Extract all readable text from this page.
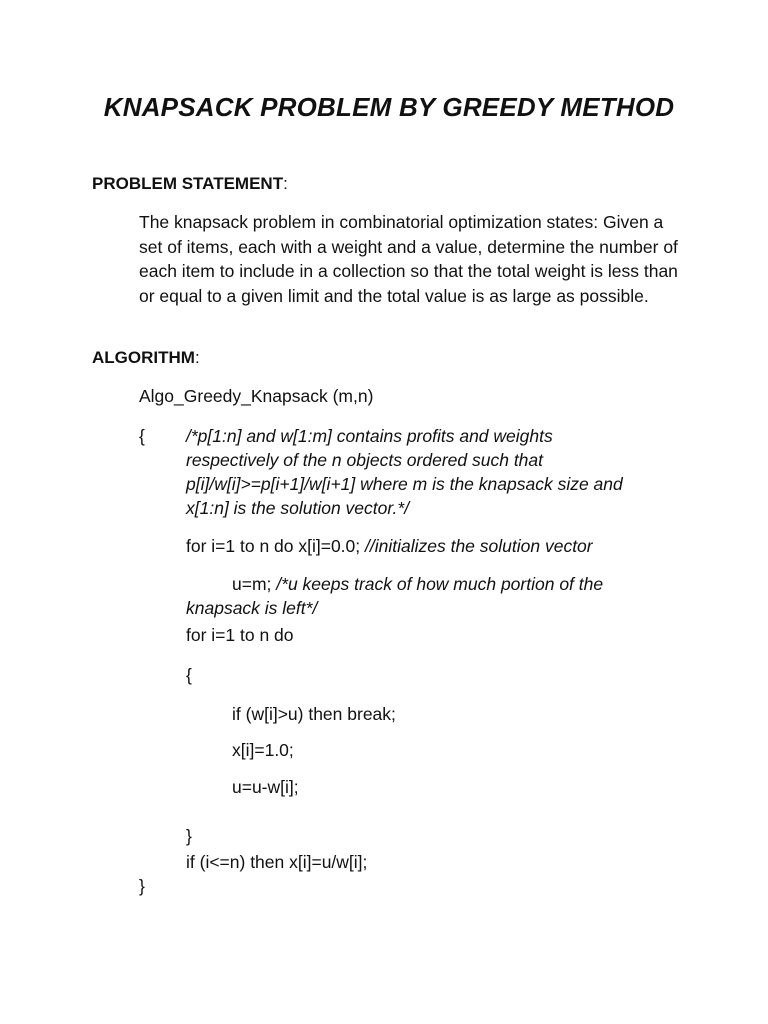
KNAPSACK PROBLEM BY GREEDY METHOD
PROBLEM STATEMENT:
The knapsack problem in combinatorial optimization states: Given a set of items, each with a weight and a value, determine the number of each item to include in a collection so that the total weight is less than or equal to a given limit and the total value is as large as possible.
ALGORITHM:
Algo_Greedy_Knapsack (m,n)
{ /*p[1:n] and w[1:m] contains profits and weights
respectively of the n objects ordered such that
p[i]/w[i]>=p[i+1]/w[i+1] where m is the knapsack size and
x[1:n] is the solution vector.*/
for i=1 to n do x[i]=0.0; //initializes the solution vector
u=m; /*u keeps track of how much portion of the
knapsack is left*/
for i=1 to n do
{
if (w[i]>u) then break;
x[i]=1.0;
u=u-w[i];
}
if (i<=n) then x[i]=u/w[i];
}
